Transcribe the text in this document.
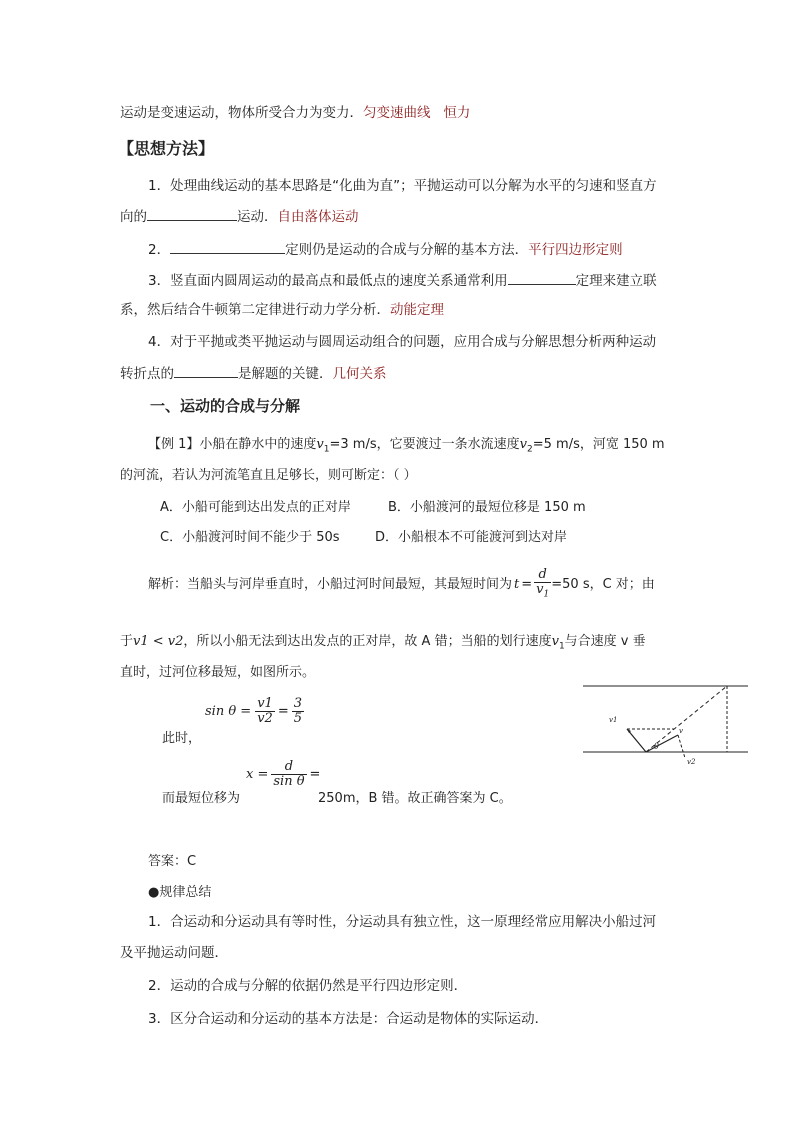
运动是变速运动，物体所受合力为变力．匀变速曲线 恒力
【思想方法】
1．处理曲线运动的基本思路是“化曲为直”；平抛运动可以分解为水平的匀速和竖直方
向的	运动．自由落体运动
2．	定则仍是运动的合成与分解的基本方法．平行四边形定则
3．竖直面内圆周运动的最高点和最低点的速度关系通常利用	定理来建立联
系，然后结合牛顿第二定律进行动力学分析．动能定理
4．对于平抛或类平抛运动与圆周运动组合的问题，应用合成与分解思想分析两种运动
转折点的	是解题的关键．几何关系
一、运动的合成与分解
【例 1】小船在静水中的速度$v_1=3$ m/s，它要渡过一条水流速度$v_2=5$ m/s，河宽 150 m
的河流，若认为河流笔直且足够长，则可断定：（ ）
A．小船可能到达出发点的正对岸	B．小船渡河的最短位移是 150 m
C．小船渡河时间不能少于 50s	D．小船根本不可能渡河到达对岸
解析：当船头与河岸垂直时，小船过河时间最短，其最短时间为 $t = \frac{d}{v_1} =50$ s，C 对；由
于v1 < v2，所以小船无法到达出发点的正对岸，故 A 错；当船的划行速度$v_1$与合速度 v 垂
直时，过河位移最短，如图所示。
$\sin \theta = \frac{v1}{v2} = \frac{3}{5}$
此时，
$x = \frac{d}{\text{sin θ}}$ =
而最短位移为	250m，B 错。故正确答案为 C。
v1
θ
v
v2
答案：C
●规律总结
1．合运动和分运动具有等时性，分运动具有独立性，这一原理经常应用解决小船过河
及平抛运动问题．
2．运动的合成与分解的依据仍然是平行四边形定则．
3．区分合运动和分运动的基本方法是：合运动是物体的实际运动．
